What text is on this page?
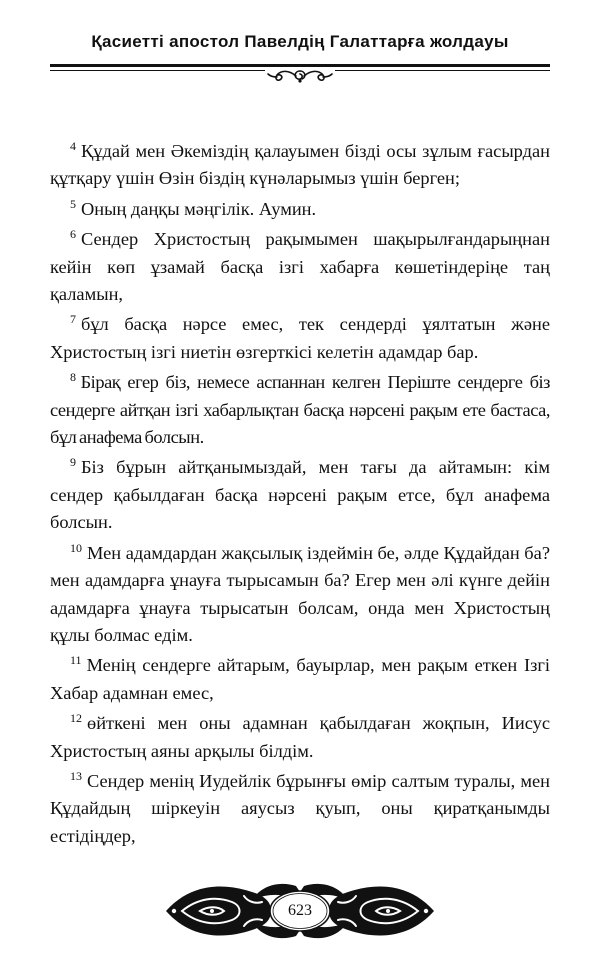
Қасиетті апостол Павелдің Галаттарға жолдауы

$^4$ Құдай мен Әкеміздің қалауымен бізді осы зұлым ғасырдан құтқару үшін Өзін біздің күнәларымыз үшін берген;

$^5$ Оның даңқы мәңгілік. Аумин.

$^6$ Сендер Христостың рақымымен шақырылғандарыңнан кейін көп ұзамай басқа ізгі хабарға көшетіндеріңе таң қаламын,

$^7$ бұл басқа нәрсе емес, тек сендерді ұялтатын және Христостың ізгі ниетін өзгерткісі келетін адамдар бар.

$^8$ Бірақ егер біз, немесе аспаннан келген Періште сендерге біз сендерге айтқан ізгі хабарлықтан басқа нәрсені рақым ете бастаса, бұл анафема болсын.

$^9$ Біз бұрын айтқанымыздай, мен тағы да айтамын: кім сендер қабылдаған басқа нәрсені рақым етсе, бұл анафема болсын.

$^{10}$ Мен адамдардан жақсылық іздеймін бе, әлде Құдайдан ба? мен адамдарға ұнауға тырысамын ба? Егер мен әлі күнге дейін адамдарға ұнауға тырысатын болсам, онда мен Христостың құлы болмас едім.

$^{11}$ Менің сендерге айтарым, бауырлар, мен рақым еткен Ізгі Хабар адамнан емес,

$^{12}$ өйткені мен оны адамнан қабылдаған жоқпын, Иисус Христостың аяны арқылы білдім.

$^{13}$ Сендер менің Иудейлік бұрынғы өмір салтым туралы, мен Құдайдың шіркеуін аяусыз қуып, оны қиратқанымды естідіңдер,

623
